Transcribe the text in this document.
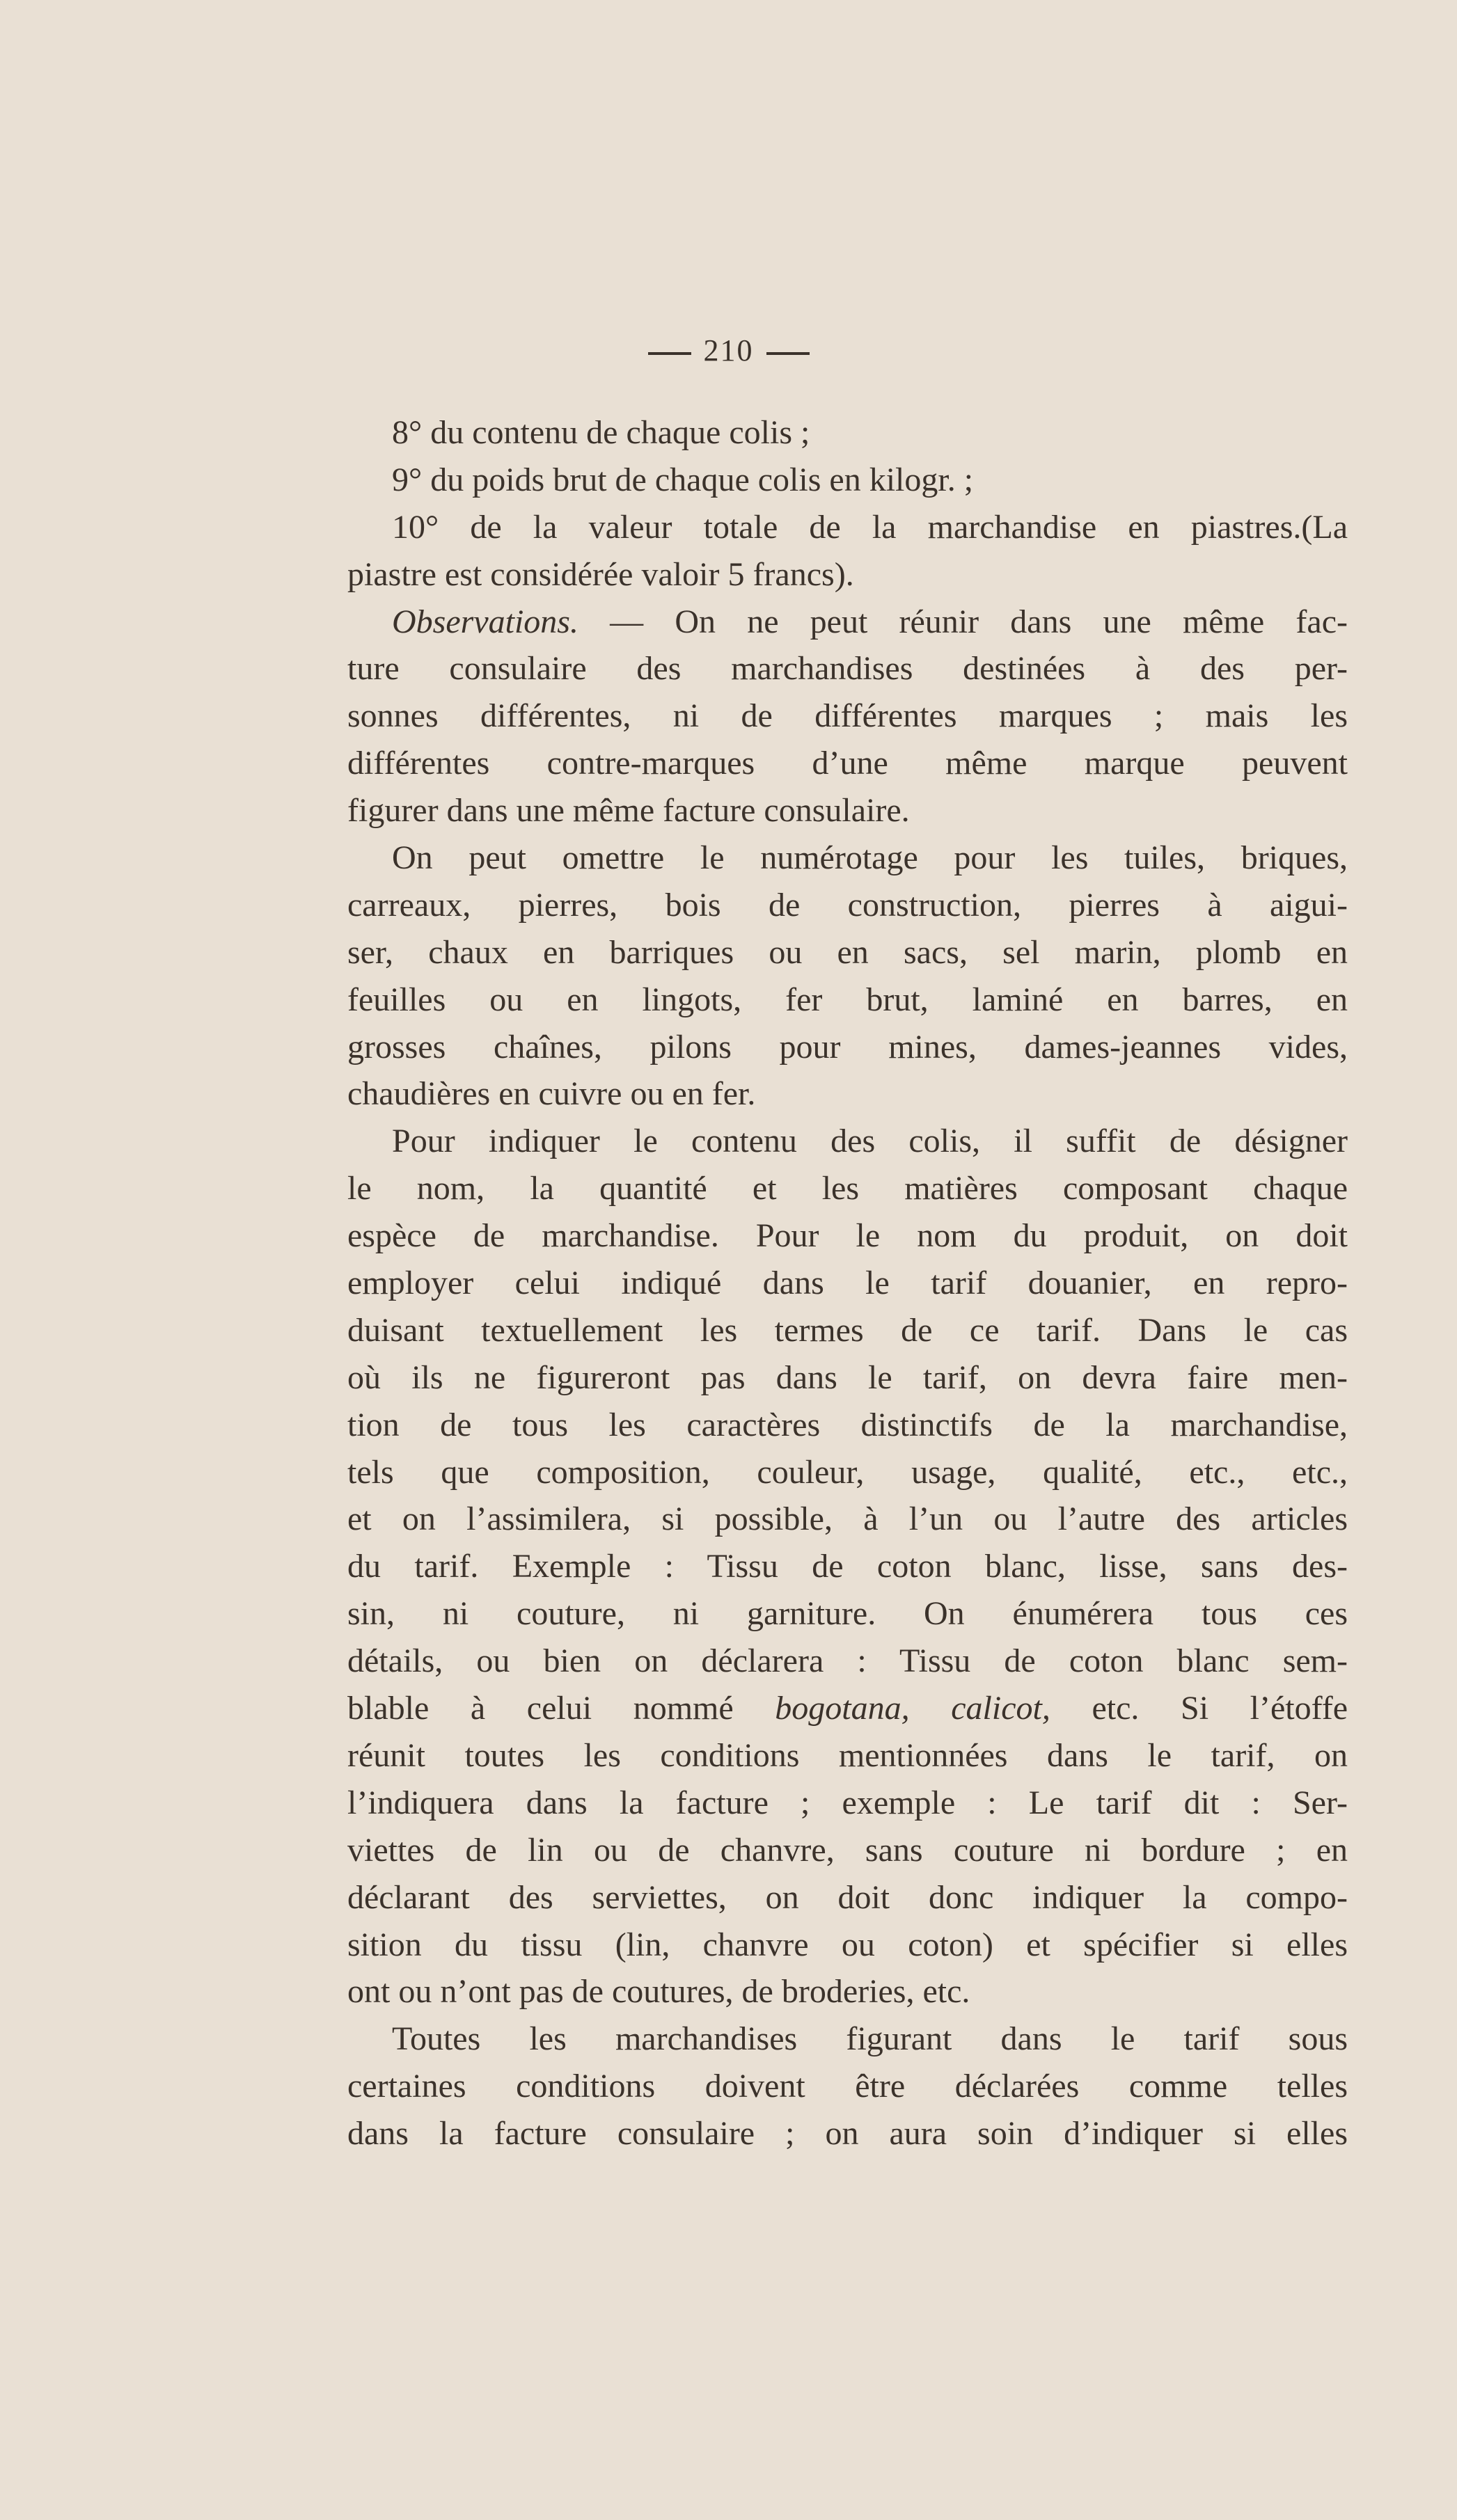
210
8° du contenu de chaque colis ;
9° du poids brut de chaque colis en kilogr. ;
10° de la valeur totale de la marchandise en piastres.(La
piastre est considérée valoir 5 francs).
Observations. — On ne peut réunir dans une même fac-
ture consulaire des marchandises destinées à des per-
sonnes différentes, ni de différentes marques ; mais les
différentes contre-marques d’une même marque peuvent
figurer dans une même facture consulaire.
On peut omettre le numérotage pour les tuiles, briques,
carreaux, pierres, bois de construction, pierres à aigui-
ser, chaux en barriques ou en sacs, sel marin, plomb en
feuilles ou en lingots, fer brut, laminé en barres, en
grosses chaînes, pilons pour mines, dames-jeannes vides,
chaudières en cuivre ou en fer.
Pour indiquer le contenu des colis, il suffit de désigner
le nom, la quantité et les matières composant chaque
espèce de marchandise. Pour le nom du produit, on doit
employer celui indiqué dans le tarif douanier, en repro-
duisant textuellement les termes de ce tarif. Dans le cas
où ils ne figureront pas dans le tarif, on devra faire men-
tion de tous les caractères distinctifs de la marchandise,
tels que composition, couleur, usage, qualité, etc., etc.,
et on l’assimilera, si possible, à l’un ou l’autre des articles
du tarif. Exemple : Tissu de coton blanc, lisse, sans des-
sin, ni couture, ni garniture. On énumérera tous ces
détails, ou bien on déclarera : Tissu de coton blanc sem-
blable à celui nommé bogotana, calicot, etc. Si l’étoffe
réunit toutes les conditions mentionnées dans le tarif, on
l’indiquera dans la facture ; exemple : Le tarif dit : Ser-
viettes de lin ou de chanvre, sans couture ni bordure ; en
déclarant des serviettes, on doit donc indiquer la compo-
sition du tissu (lin, chanvre ou coton) et spécifier si elles
ont ou n’ont pas de coutures, de broderies, etc.
Toutes les marchandises figurant dans le tarif sous
certaines conditions doivent être déclarées comme telles
dans la facture consulaire ; on aura soin d’indiquer si elles
